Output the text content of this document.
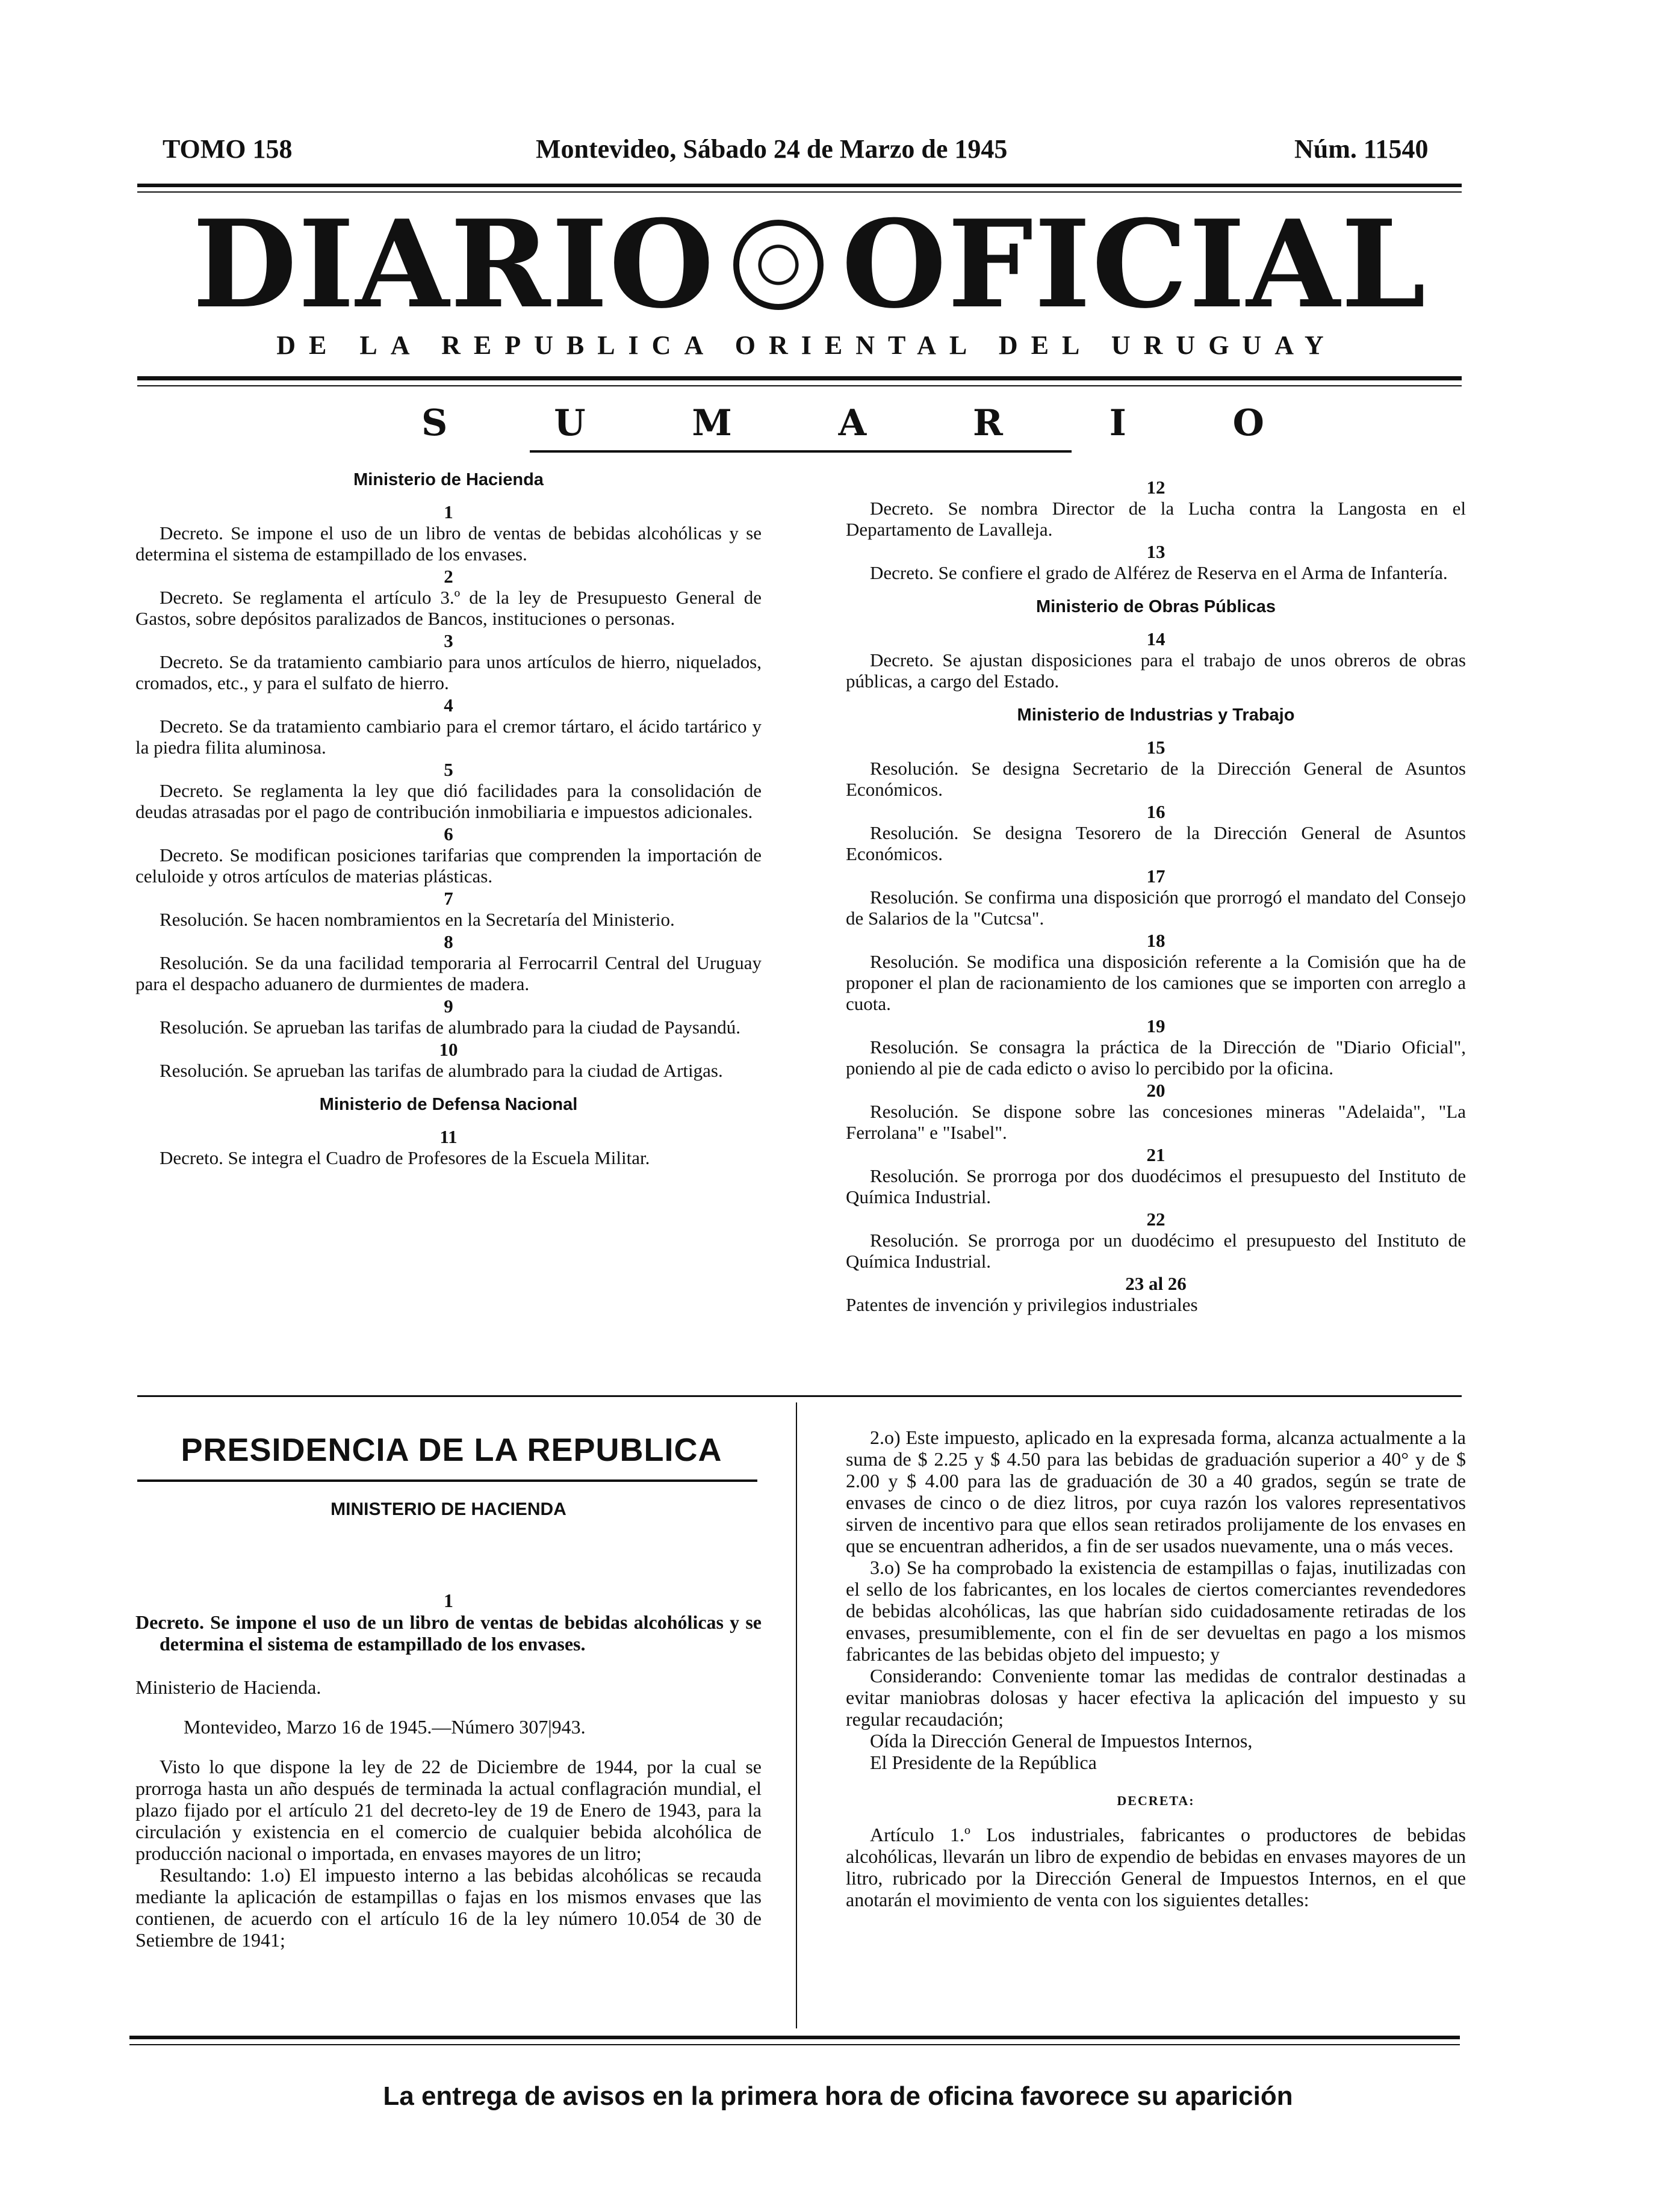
TOMO 158	Montevideo, Sábado 24 de Marzo de 1945	Núm. 11540
DIARIO OFICIAL
DE LA REPUBLICA ORIENTAL DEL URUGUAY
S	U	M	A	R	I	O
Ministerio de Hacienda
1

Decreto. Se impone el uso de un libro de ventas de bebidas alcohólicas y se determina el sistema de estampillado de los envases.

2

Decreto. Se reglamenta el artículo 3.º de la ley de Presupuesto General de Gastos, sobre depósitos paralizados de Bancos, instituciones o personas.

3

Decreto. Se da tratamiento cambiario para unos artículos de hierro, niquelados, cromados, etc., y para el sulfato de hierro.

4

Decreto. Se da tratamiento cambiario para el cremor tártaro, el ácido tartárico y la piedra filita aluminosa.

5

Decreto. Se reglamenta la ley que dió facilidades para la consolidación de deudas atrasadas por el pago de contribución inmobiliaria e impuestos adicionales.

6

Decreto. Se modifican posiciones tarifarias que comprenden la importación de celuloide y otros artículos de materias plásticas.

7

Resolución. Se hacen nombramientos en la Secretaría del Ministerio.

8

Resolución. Se da una facilidad temporaria al Ferrocarril Central del Uruguay para el despacho aduanero de durmientes de madera.

9

Resolución. Se aprueban las tarifas de alumbrado para la ciudad de Paysandú.

10

Resolución. Se aprueban las tarifas de alumbrado para la ciudad de Artigas.

Ministerio de Defensa Nacional
11

Decreto. Se integra el Cuadro de Profesores de la Escuela Militar.

12

Decreto. Se nombra Director de la Lucha contra la Langosta en el Departamento de Lavalleja.

13

Decreto. Se confiere el grado de Alférez de Reserva en el Arma de Infantería.

Ministerio de Obras Públicas
14

Decreto. Se ajustan disposiciones para el trabajo de unos obreros de obras públicas, a cargo del Estado.

Ministerio de Industrias y Trabajo
15

Resolución. Se designa Secretario de la Dirección General de Asuntos Económicos.

16

Resolución. Se designa Tesorero de la Dirección General de Asuntos Económicos.

17

Resolución. Se confirma una disposición que prorrogó el mandato del Consejo de Salarios de la "Cutcsa".

18

Resolución. Se modifica una disposición referente a la Comisión que ha de proponer el plan de racionamiento de los camiones que se importen con arreglo a cuota.

19

Resolución. Se consagra la práctica de la Dirección de "Diario Oficial", poniendo al pie de cada edicto o aviso lo percibido por la oficina.

20

Resolución. Se dispone sobre las concesiones mineras "Adelaida", "La Ferrolana" e "Isabel".

21

Resolución. Se prorroga por dos duodécimos el presupuesto del Instituto de Química Industrial.

22

Resolución. Se prorroga por un duodécimo el presupuesto del Instituto de Química Industrial.

23 al 26

Patentes de invención y privilegios industriales

PRESIDENCIA DE LA REPUBLICA
MINISTERIO DE HACIENDA
1

Decreto. Se impone el uso de un libro de ventas de bebidas alcohólicas y se determina el sistema de estampillado de los envases.

Ministerio de Hacienda.

Montevideo, Marzo 16 de 1945.—Número 307|943.

Visto lo que dispone la ley de 22 de Diciembre de 1944, por la cual se prorroga hasta un año después de terminada la actual conflagración mundial, el plazo fijado por el artículo 21 del decreto-ley de 19 de Enero de 1943, para la circulación y existencia en el comercio de cualquier bebida alcohólica de producción nacional o importada, en envases mayores de un litro;

Resultando: 1.o) El impuesto interno a las bebidas alcohólicas se recauda mediante la aplicación de estampillas o fajas en los mismos envases que las contienen, de acuerdo con el artículo 16 de la ley número 10.054 de 30 de Setiembre de 1941;

2.o) Este impuesto, aplicado en la expresada forma, alcanza actualmente a la suma de $ 2.25 y $ 4.50 para las bebidas de graduación superior a 40° y de $ 2.00 y $ 4.00 para las de graduación de 30 a 40 grados, según se trate de envases de cinco o de diez litros, por cuya razón los valores representativos sirven de incentivo para que ellos sean retirados prolijamente de los envases en que se encuentran adheridos, a fin de ser usados nuevamente, una o más veces.

3.o) Se ha comprobado la existencia de estampillas o fajas, inutilizadas con el sello de los fabricantes, en los locales de ciertos comerciantes revendedores de bebidas alcohólicas, las que habrían sido cuidadosamente retiradas de los envases, presumiblemente, con el fin de ser devueltas en pago a los mismos fabricantes de las bebidas objeto del impuesto; y

Considerando: Conveniente tomar las medidas de contralor destinadas a evitar maniobras dolosas y hacer efectiva la aplicación del impuesto y su regular recaudación;

Oída la Dirección General de Impuestos Internos,

El Presidente de la República

DECRETA:

Artículo 1.º Los industriales, fabricantes o productores de bebidas alcohólicas, llevarán un libro de expendio de bebidas en envases mayores de un litro, rubricado por la Dirección General de Impuestos Internos, en el que anotarán el movimiento de venta con los siguientes detalles:

La entrega de avisos en la primera hora de oficina favorece su aparición
